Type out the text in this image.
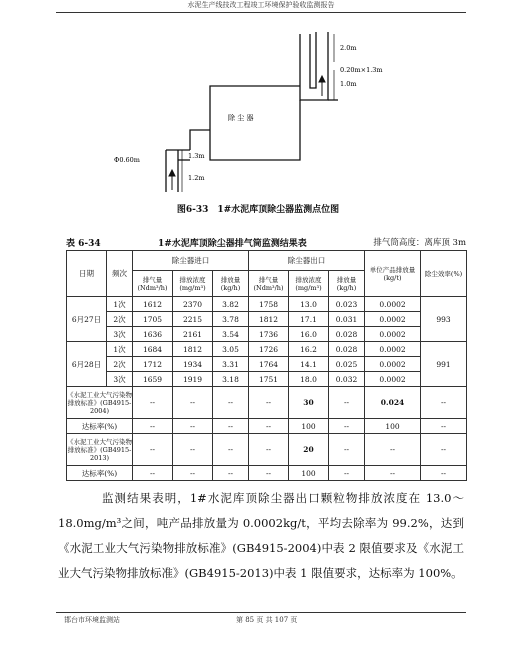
水泥生产线技改工程竣工环境保护验收监测报告
除 尘 器
2.0m
0.20m×1.3m
1.0m
Φ0.60m	1.3m
1.2m
图6-33　1#水泥库顶除尘器监测点位图
表 6-34	1#水泥库顶除尘器排气筒监测结果表	排气筒高度：离库顶 3m
日期	频次	除尘器进口			除尘器出口			单位产品排放量(kg/t)	除尘效率(%)
		排气量(Ndm³/h)	排放浓度(mg/m³)	排放量(kg/h)	排气量(Ndm³/h)	排放浓度(mg/m³)	排放量(kg/h)		
6月27日	1次	1612	2370	3.82	1758	13.0	0.023	0.0002	993
	2次	1705	2215	3.78	1812	17.1	0.031	0.0002	
	3次	1636	2161	3.54	1736	16.0	0.028	0.0002	
6月28日	1次	1684	1812	3.05	1726	16.2	0.028	0.0002	991
	2次	1712	1934	3.31	1764	14.1	0.025	0.0002	
	3次	1659	1919	3.18	1751	18.0	0.032	0.0002	
《水泥工业大气污染物排放标准》(GB4915-2004)		--	--	--	--	30	--	0.024	--
达标率(%)		--	--	--	--	100	--	100	--
《水泥工业大气污染物排放标准》(GB4915-2013)		--	--	--	--	20	--	--	--
达标率(%)		--	--	--	--	100	--	--	--
监测结果表明，1#水泥库顶除尘器出口颗粒物排放浓度在 13.0～18.0mg/m³之间，吨产品排放量为 0.0002kg/t，平均去除率为 99.2%，达到《水泥工业大气污染物排放标准》(GB4915-2004)中表 2 限值要求及《水泥工业大气污染物排放标准》(GB4915-2013)中表 1 限值要求，达标率为 100%。
邯台市环境监测站	第 85 页 共 107 页
